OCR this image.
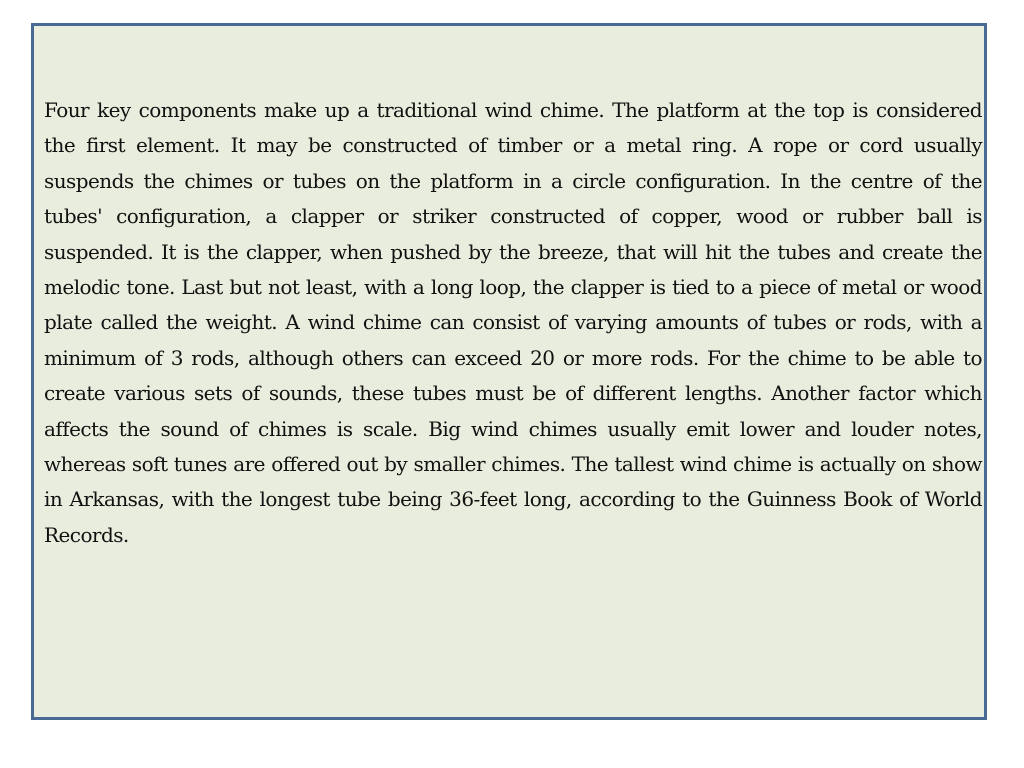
Four key components make up a traditional wind chime. The platform at the top is considered the first element. It may be constructed of timber or a metal ring. A rope or cord usually suspends the chimes or tubes on the platform in a circle configuration. In the centre of the tubes' configuration, a clapper or striker constructed of copper, wood or rubber ball is suspended. It is the clapper, when pushed by the breeze, that will hit the tubes and create the melodic tone. Last but not least, with a long loop, the clapper is tied to a piece of metal or wood plate called the weight. A wind chime can consist of varying amounts of tubes or rods, with a minimum of 3 rods, although others can exceed 20 or more rods. For the chime to be able to create various sets of sounds, these tubes must be of different lengths. Another factor which affects the sound of chimes is scale. Big wind chimes usually emit lower and louder notes, whereas soft tunes are offered out by smaller chimes. The tallest wind chime is actually on show in Arkansas, with the longest tube being 36-feet long, according to the Guinness Book of World Records.
